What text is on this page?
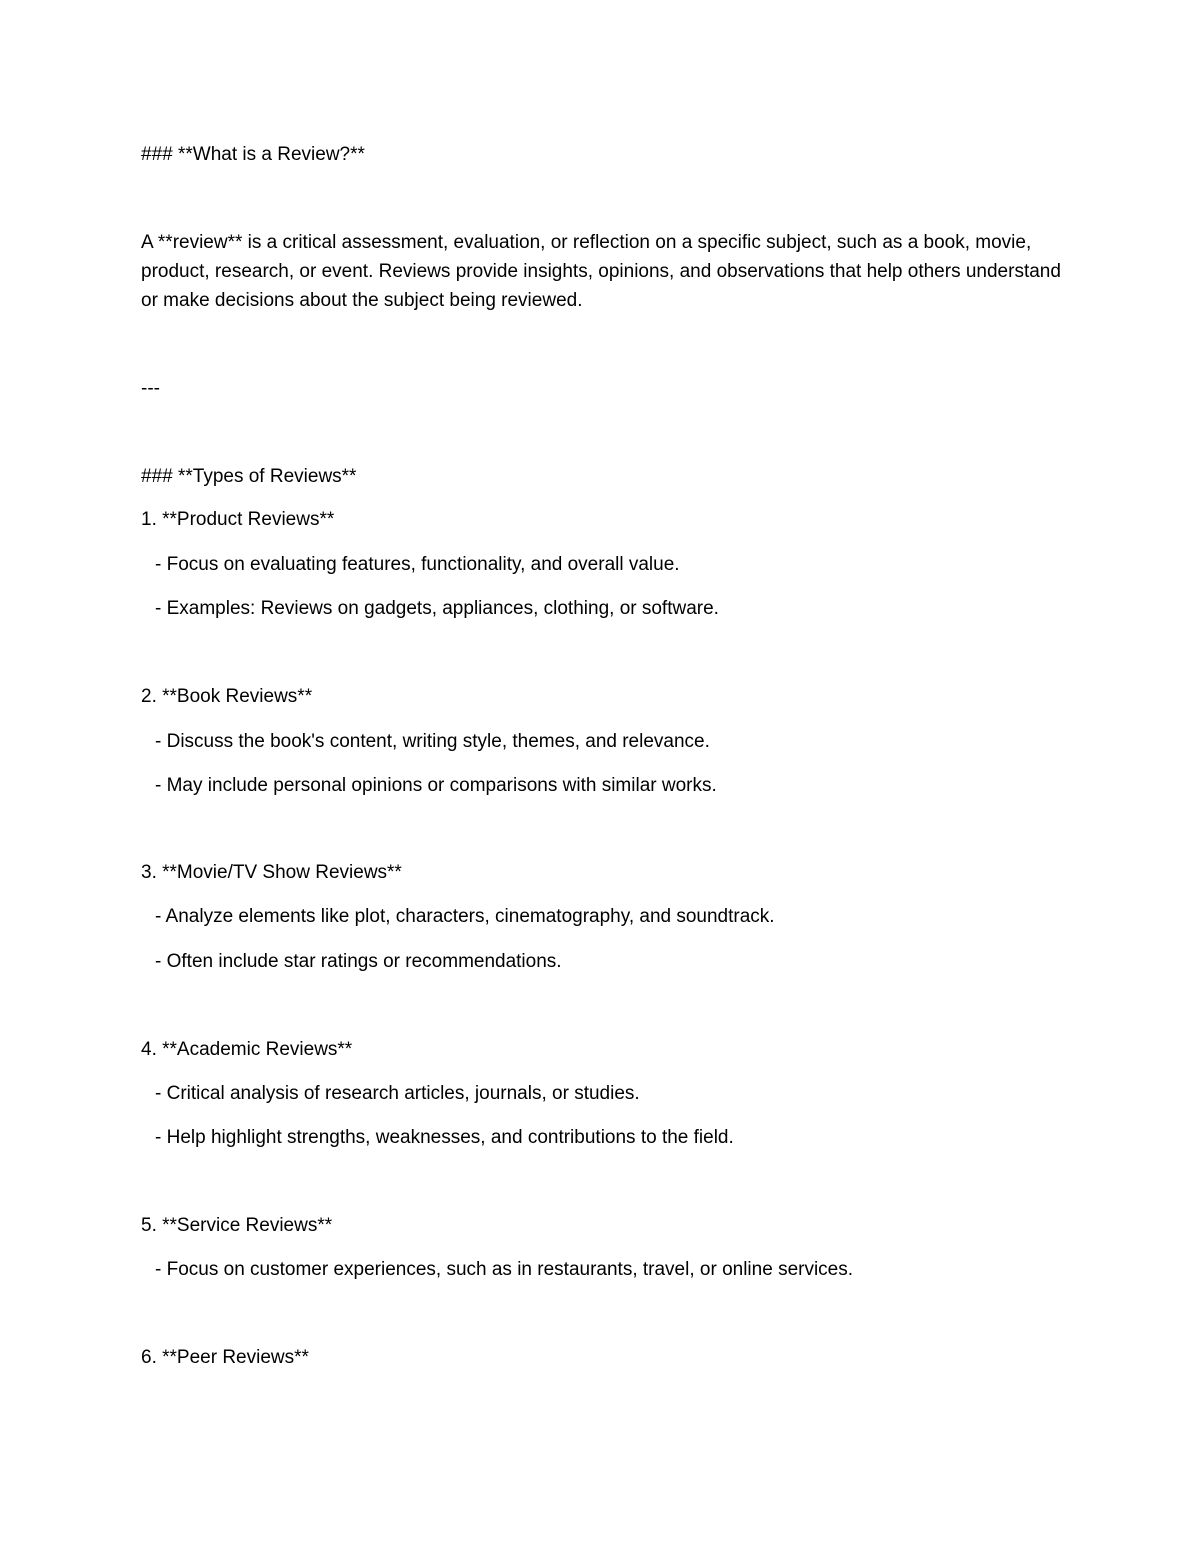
### **What is a Review?**

A **review** is a critical assessment, evaluation, or reflection on a specific subject, such as a book, movie, product, research, or event. Reviews provide insights, opinions, and observations that help others understand or make decisions about the subject being reviewed.

---

### **Types of Reviews**

1. **Product Reviews**

- Focus on evaluating features, functionality, and overall value.

- Examples: Reviews on gadgets, appliances, clothing, or software.

2. **Book Reviews**

- Discuss the book's content, writing style, themes, and relevance.

- May include personal opinions or comparisons with similar works.

3. **Movie/TV Show Reviews**

- Analyze elements like plot, characters, cinematography, and soundtrack.

- Often include star ratings or recommendations.

4. **Academic Reviews**

- Critical analysis of research articles, journals, or studies.

- Help highlight strengths, weaknesses, and contributions to the field.

5. **Service Reviews**

- Focus on customer experiences, such as in restaurants, travel, or online services.

6. **Peer Reviews**
